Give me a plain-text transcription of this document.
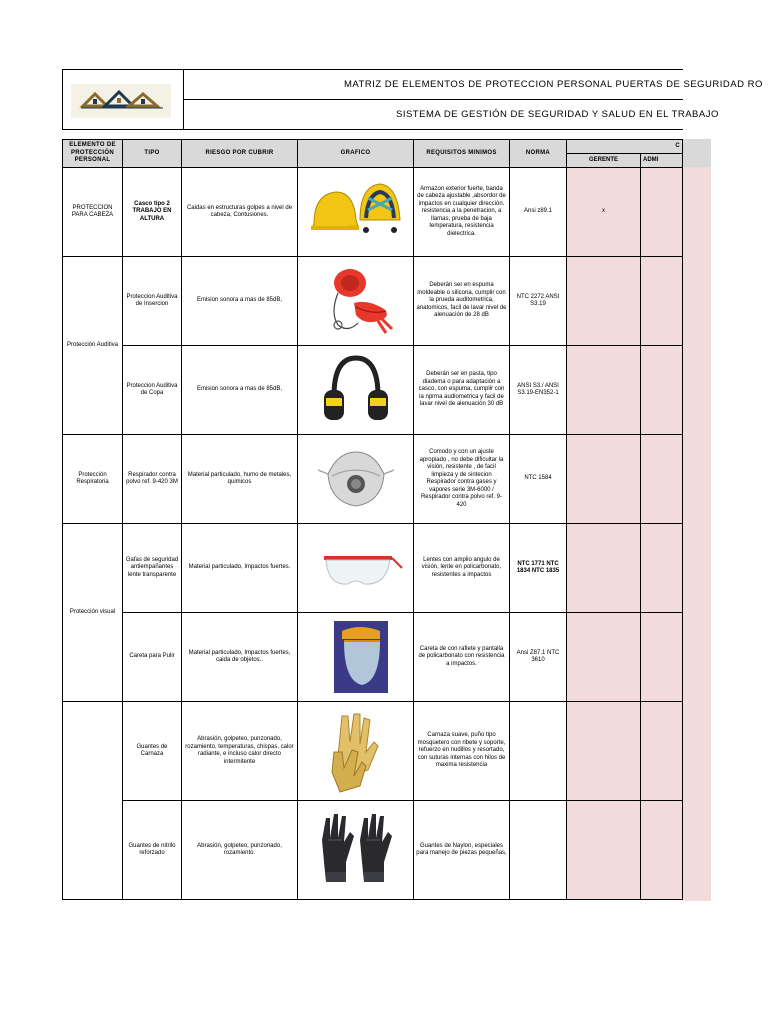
MATRIZ DE ELEMENTOS DE PROTECCION PERSONAL PUERTAS DE SEGURIDAD RO
SISTEMA DE GESTIÓN DE SEGURIDAD Y SALUD EN EL TRABAJO
ELEMENTO DE PROTECCIÓN PERSONAL	TIPO	RIESGO POR CUBRIR	GRAFICO	REQUISITOS MINIMOS	NORMA	C	
						GERENTE	ADMI
PROTECCION PARA CABEZA	Casco tipo 2 TRABAJO EN ALTURA	Caidas en estructuras golpes a nivel de cabeza, Contusiones.		Armazon exterior fuerte, banda de cabeza ajustable ,absordor de impactos en cualquier dirección. resistencia a la penetracion, a llamas, prueba de baja temperatura, resistencia dielectrica.	Ansi z89.1	x	
Protección Auditiva	Proteccion Auditiva de Insercion	Emision sonora a mas de 85dB,		Deberán ser en espuma moldeable o silicona, cumplir con la prueda auditometrica, anatomicos, facil de lavar nivel de alenuación de 28 dB	NTC 2272 ANSI S3.19		
	Proteccion Auditiva de Copa	Emision sonora a mas de 85dB,		Deberán ser en pasta, tipo diadema o para adaptación a casco, con espuma, cumplir con la nprma audiometrica y facil de lavar nivel de alenuación 30 dB	ANSI S3./ ANSI S3.19-EN352-1		
Protección Respiratoria	Respirador contra polvo ref. 9-420 3M	Material particulado, humo de metales, quimicos		Comodo y con un ajuste apropiado , no debe dificultar la visión, resistente , de facil limpieza y de sintecion Respirador contra gases y vapores serie 3M-6000 / Respirador contra polvo ref. 9-420	NTC 1584		
Protección visual	Gafas de seguridad antiempañantes lente transparente	Material particulado, Impactos fuertes.		Lentes con amplio angulo de visión, lente en policarbonato, resistentes a impactos	NTC 1771 NTC 1834 NTC 1835		
	Careta para Pulir	Material particulado, Impactos fuertes, caida de objetos..		Careta de con rafiete y pantalla de policarbonato con resistencia a impactos.	Ansi Z87.1 NTC 3610		
	Guantes de Carnaza	Abrasión, golpeteo, punzonado, rozamiento, temperaturas, chispas, calor radiante, e incluso calor directo intermitente		Carnaza suave, puño tipo mosquetero con ribete y soporte, refuerzo en nudillos y resortado, con suturas internas con hilos de maxima resistencia			
	Guantes de nitrilo reforzado	Abrasión, golpeteo, punzonado, rozamiento.		Guantes de Naylon, especiales para manejo de piezas pequeñas,			
